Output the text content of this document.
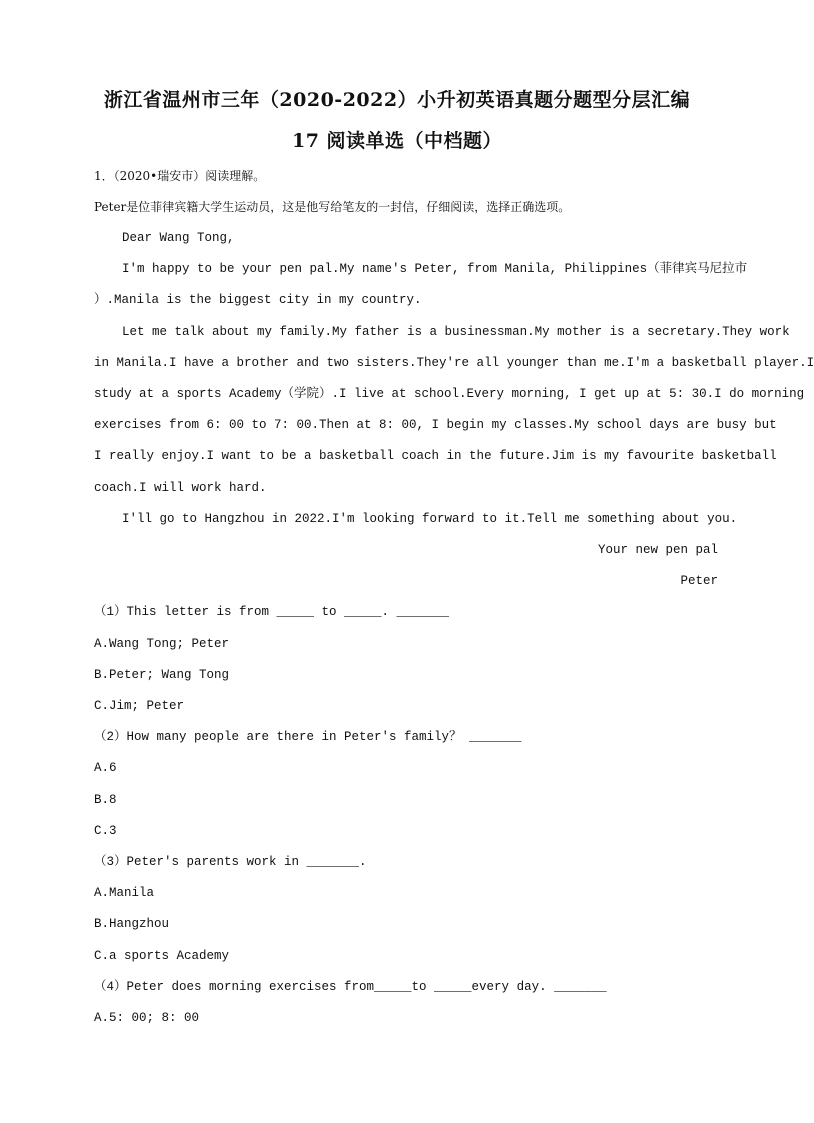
浙江省温州市三年（2020-2022）小升初英语真题分题型分层汇编
17 阅读单选（中档题）
1．（2020•瑞安市）阅读理解。
Peter是位菲律宾籍大学生运动员，这是他写给笔友的一封信，仔细阅读，选择正确选项。
Dear Wang Tong,
I'm happy to be your pen pal.My name's Peter, from Manila, Philippines（菲律宾马尼拉市
）.Manila is the biggest city in my country.
Let me talk about my family.My father is a businessman.My mother is a secretary.They work
in Manila.I have a brother and two sisters.They're all younger than me.I'm a basketball player.I
study at a sports Academy（学院）.I live at school.Every morning, I get up at 5: 30.I do morning
exercises from 6: 00 to 7: 00.Then at 8: 00, I begin my classes.My school days are busy but
I really enjoy.I want to be a basketball coach in the future.Jim is my favourite basketball
coach.I will work hard.
I'll go to Hangzhou in 2022.I'm looking forward to it.Tell me something about you.
Your new pen pal
Peter
（1）This letter is from _____ to _____. _______
A.Wang Tong; Peter
B.Peter; Wang Tong
C.Jim; Peter
（2）How many people are there in Peter's family？ _______
A.6
B.8
C.3
（3）Peter's parents work in _______.
A.Manila
B.Hangzhou
C.a sports Academy
（4）Peter does morning exercises from_____to _____every day. _______
A.5: 00; 8: 00
